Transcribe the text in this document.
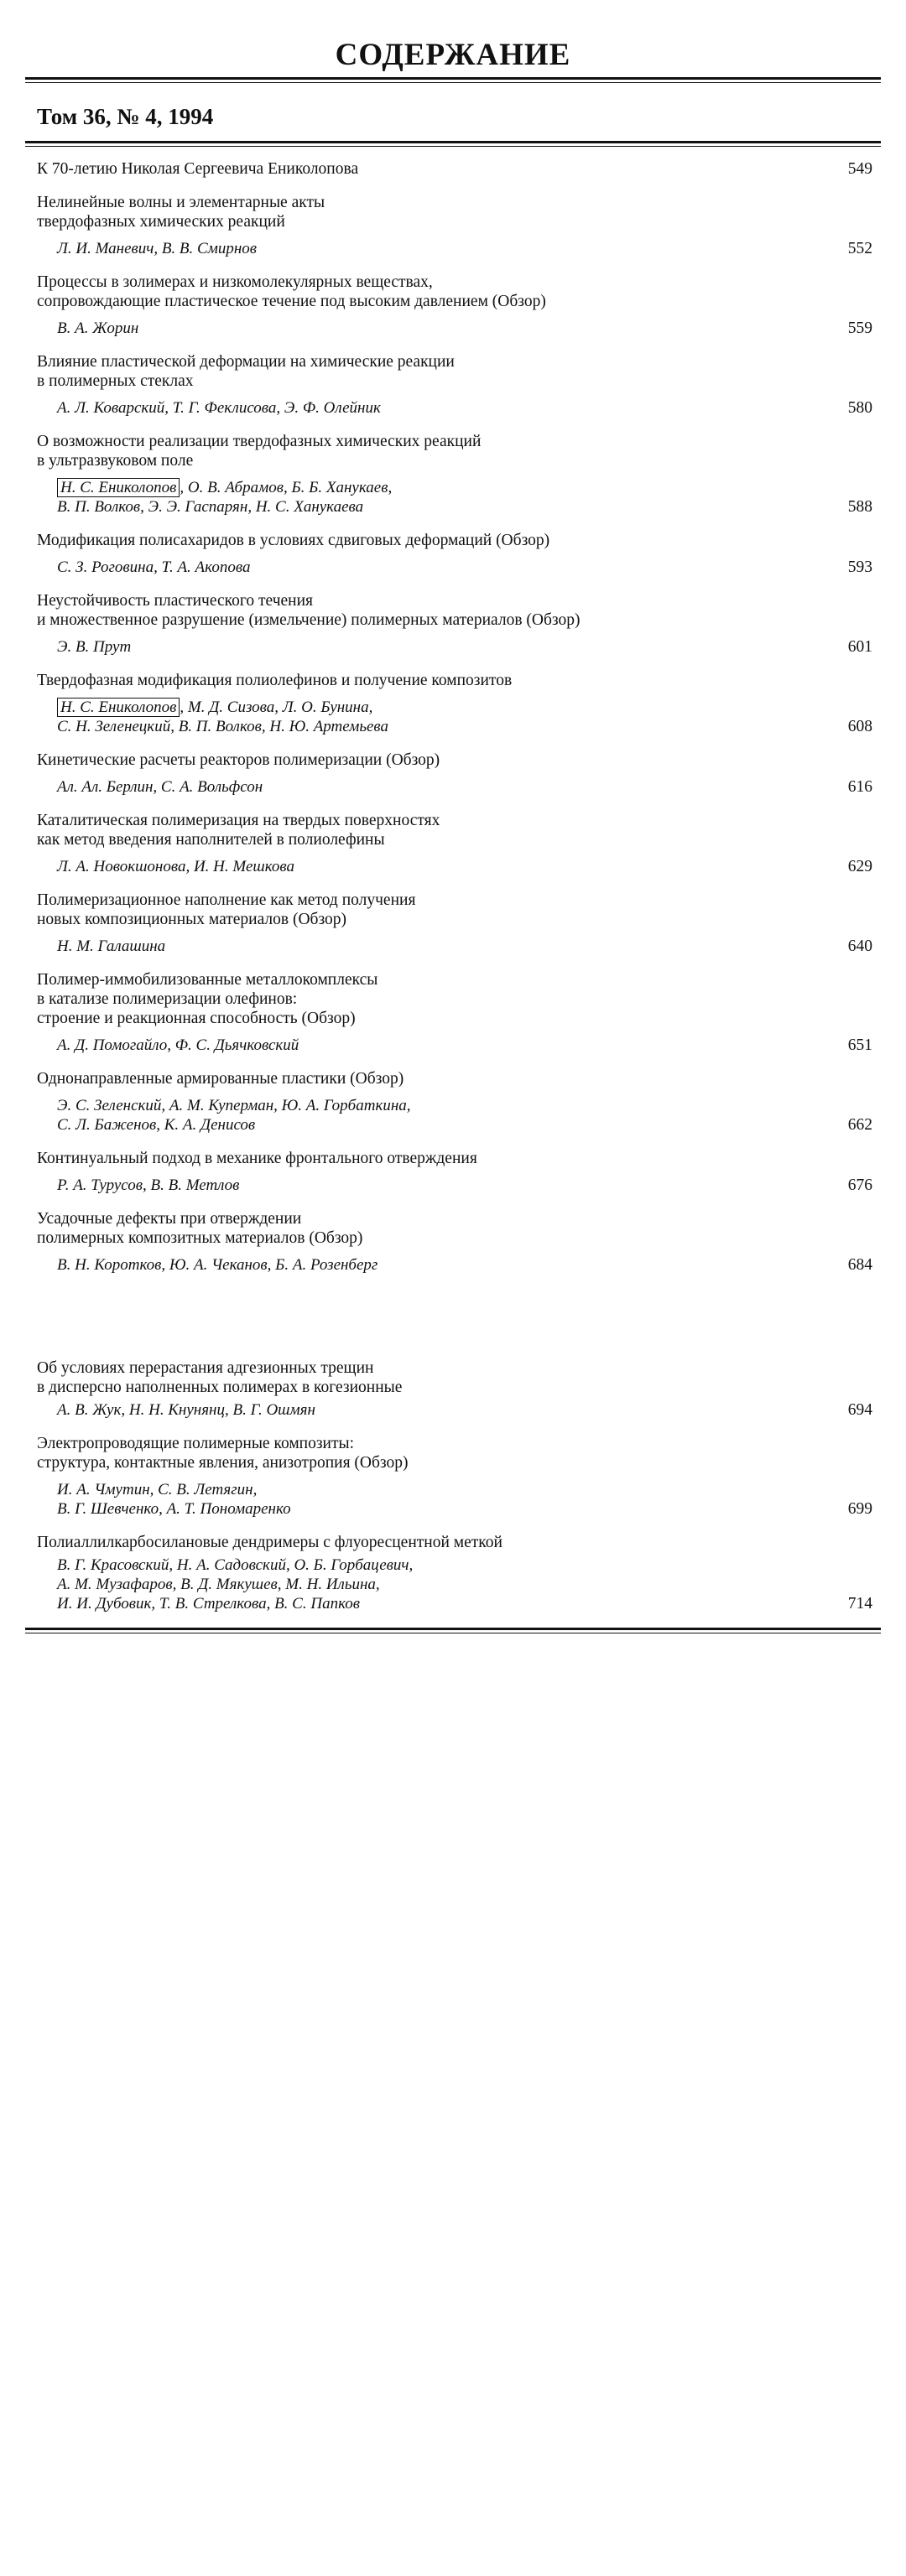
СОДЕРЖАНИЕ
Том 36, № 4, 1994
К 70-летию Николая Сергеевича Ениколопова	549
Нелинейные волны и элементарные акты
твердофазных химических реакций
Л. И. Маневич, В. В. Смирнов	552
Процессы в золимерах и низкомолекулярных веществах,
сопровождающие пластическое течение под высоким давлением (Обзор)
В. А. Жорин	559
Влияние пластической деформации на химические реакции
в полимерных стеклах
А. Л. Коварский, Т. Г. Феклисова, Э. Ф. Олейник	580
О возможности реализации твердофазных химических реакций
в ультразвуковом поле
Н. С. Ениколопов , О. В. Абрамов, Б. Б. Ханукаев,
В. П. Волков, Э. Э. Гаспарян, Н. С. Ханукаева	588
Модификация полисахаридов в условиях сдвиговых деформаций (Обзор)
С. З. Роговина, Т. А. Акопова	593
Неустойчивость пластического течения
и множественное разрушение (измельчение) полимерных материалов (Обзор)
Э. В. Прут	601
Твердофазная модификация полиолефинов и получение композитов
Н. С. Ениколопов , М. Д. Сизова, Л. О. Бунина,
С. Н. Зеленецкий, В. П. Волков, Н. Ю. Артемьева	608
Кинетические расчеты реакторов полимеризации (Обзор)
Ал. Ал. Берлин, С. А. Вольфсон	616
Каталитическая полимеризация на твердых поверхностях
как метод введения наполнителей в полиолефины
Л. А. Новокшонова, И. Н. Мешкова	629
Полимеризационное наполнение как метод получения
новых композиционных материалов (Обзор)
Н. М. Галашина	640
Полимер-иммобилизованные металлокомплексы
в катализе полимеризации олефинов:
строение и реакционная способность (Обзор)
А. Д. Помогайло, Ф. С. Дьячковский	651
Однонаправленные армированные пластики (Обзор)
Э. С. Зеленский, А. М. Куперман, Ю. А. Горбаткина,
С. Л. Баженов, К. А. Денисов	662
Континуальный подход в механике фронтального отверждения
Р. А. Турусов, В. В. Метлов	676
Усадочные дефекты при отверждении
полимерных композитных материалов (Обзор)
В. Н. Коротков, Ю. А. Чеканов, Б. А. Розенберг	684
Об условиях перерастания адгезионных трещин
в дисперсно наполненных полимерах в когезионные
А. В. Жук, Н. Н. Кнунянц, В. Г. Ошмян	694
Электропроводящие полимерные композиты:
структура, контактные явления, анизотропия (Обзор)
И. А. Чмутин, С. В. Летягин,
В. Г. Шевченко, А. Т. Пономаренко	699
Полиаллилкарбосилановые дендримеры с флуоресцентной меткой
В. Г. Красовский, Н. А. Садовский, О. Б. Горбацевич,
А. М. Музафаров, В. Д. Мякушев, М. Н. Ильина,
И. И. Дубовик, Т. В. Стрелкова, В. С. Папков	714
